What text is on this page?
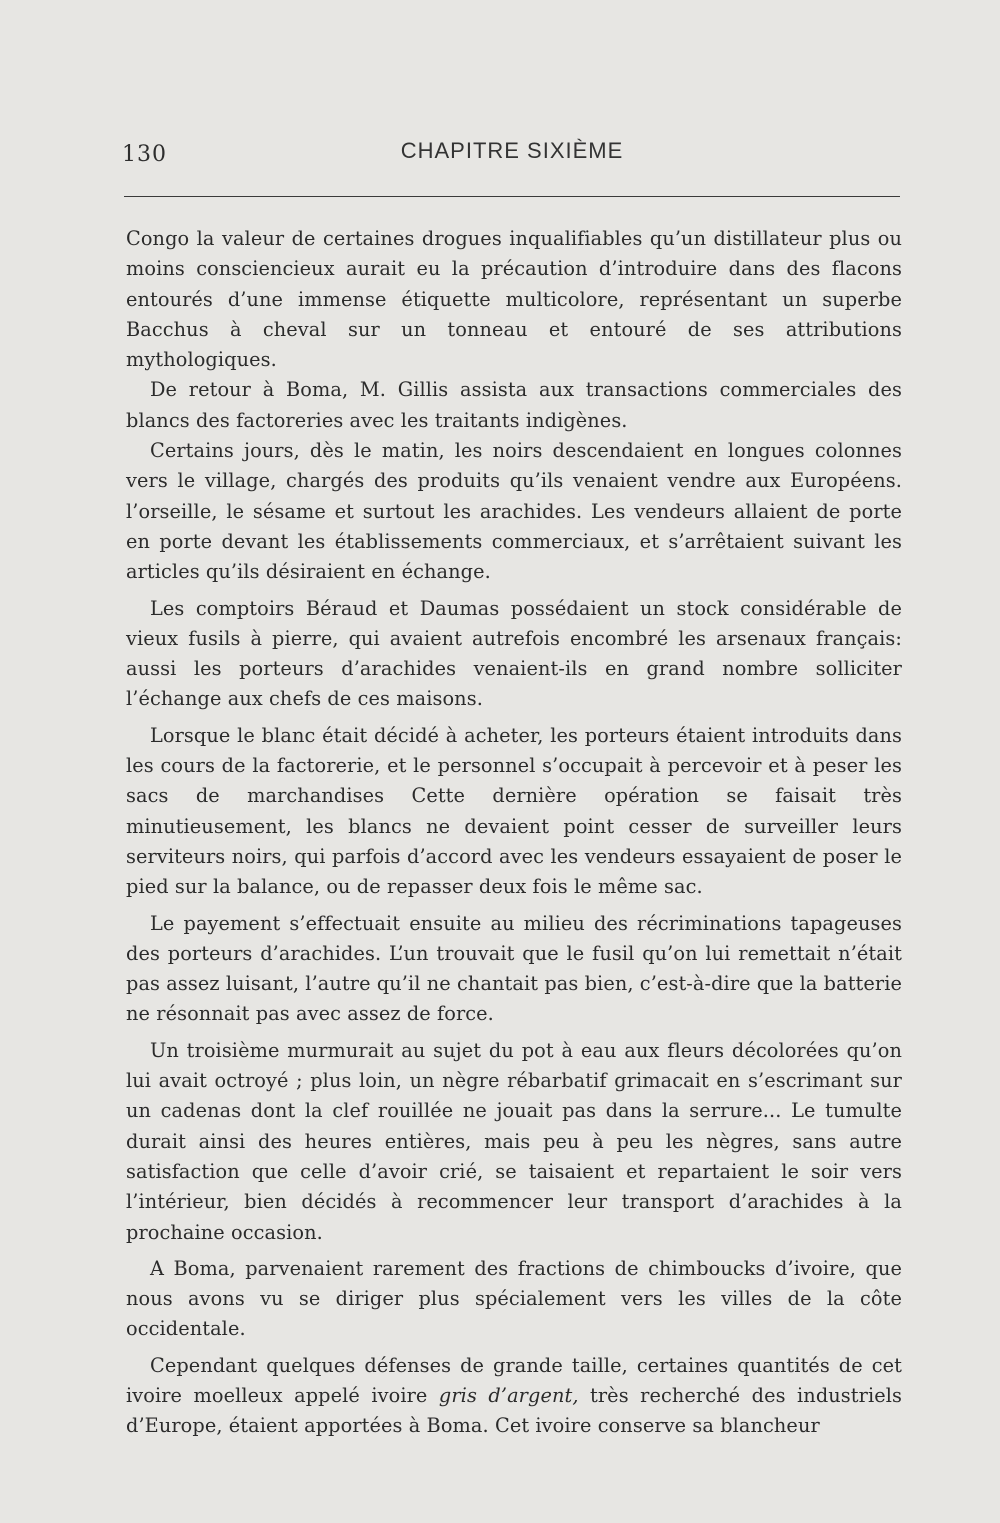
130	CHAPITRE SIXIÈME

Congo la valeur de certaines drogues inqualifiables qu’un distillateur plus ou moins consciencieux aurait eu la précaution d’introduire dans des flacons entourés d’une immense étiquette multicolore, représentant un superbe Bacchus à cheval sur un tonneau et entouré de ses attributions mythologiques.

De retour à Boma, M. Gillis assista aux transactions commerciales des blancs des factoreries avec les traitants indigènes.

Certains jours, dès le matin, les noirs descendaient en longues colonnes vers le village, chargés des produits qu’ils venaient vendre aux Européens. l’orseille, le sésame et surtout les arachides. Les vendeurs allaient de porte en porte devant les établissements commerciaux, et s’arrêtaient suivant les articles qu’ils désiraient en échange.

Les comptoirs Béraud et Daumas possédaient un stock considérable de vieux fusils à pierre, qui avaient autrefois encombré les arsenaux français: aussi les porteurs d’arachides venaient-ils en grand nombre solliciter l’échange aux chefs de ces maisons.

Lorsque le blanc était décidé à acheter, les porteurs étaient introduits dans les cours de la factorerie, et le personnel s’occupait à percevoir et à peser les sacs de marchandises Cette dernière opération se faisait très minutieusement, les blancs ne devaient point cesser de surveiller leurs serviteurs noirs, qui parfois d’accord avec les vendeurs essayaient de poser le pied sur la balance, ou de repasser deux fois le même sac.

Le payement s’effectuait ensuite au milieu des récriminations tapageuses des porteurs d’arachides. L’un trouvait que le fusil qu’on lui remettait n’était pas assez luisant, l’autre qu’il ne chantait pas bien, c’est-à-dire que la batterie ne résonnait pas avec assez de force.

Un troisième murmurait au sujet du pot à eau aux fleurs décolorées qu’on lui avait octroyé ; plus loin, un nègre rébarbatif grimacait en s’escrimant sur un cadenas dont la clef rouillée ne jouait pas dans la serrure... Le tumulte durait ainsi des heures entières, mais peu à peu les nègres, sans autre satisfaction que celle d’avoir crié, se taisaient et repartaient le soir vers l’intérieur, bien décidés à recommencer leur transport d’arachides à la prochaine occasion.

A Boma, parvenaient rarement des fractions de chimboucks d’ivoire, que nous avons vu se diriger plus spécialement vers les villes de la côte occidentale.

Cependant quelques défenses de grande taille, certaines quantités de cet ivoire moelleux appelé ivoire gris d’argent, très recherché des industriels d’Europe, étaient apportées à Boma. Cet ivoire conserve sa blancheur
